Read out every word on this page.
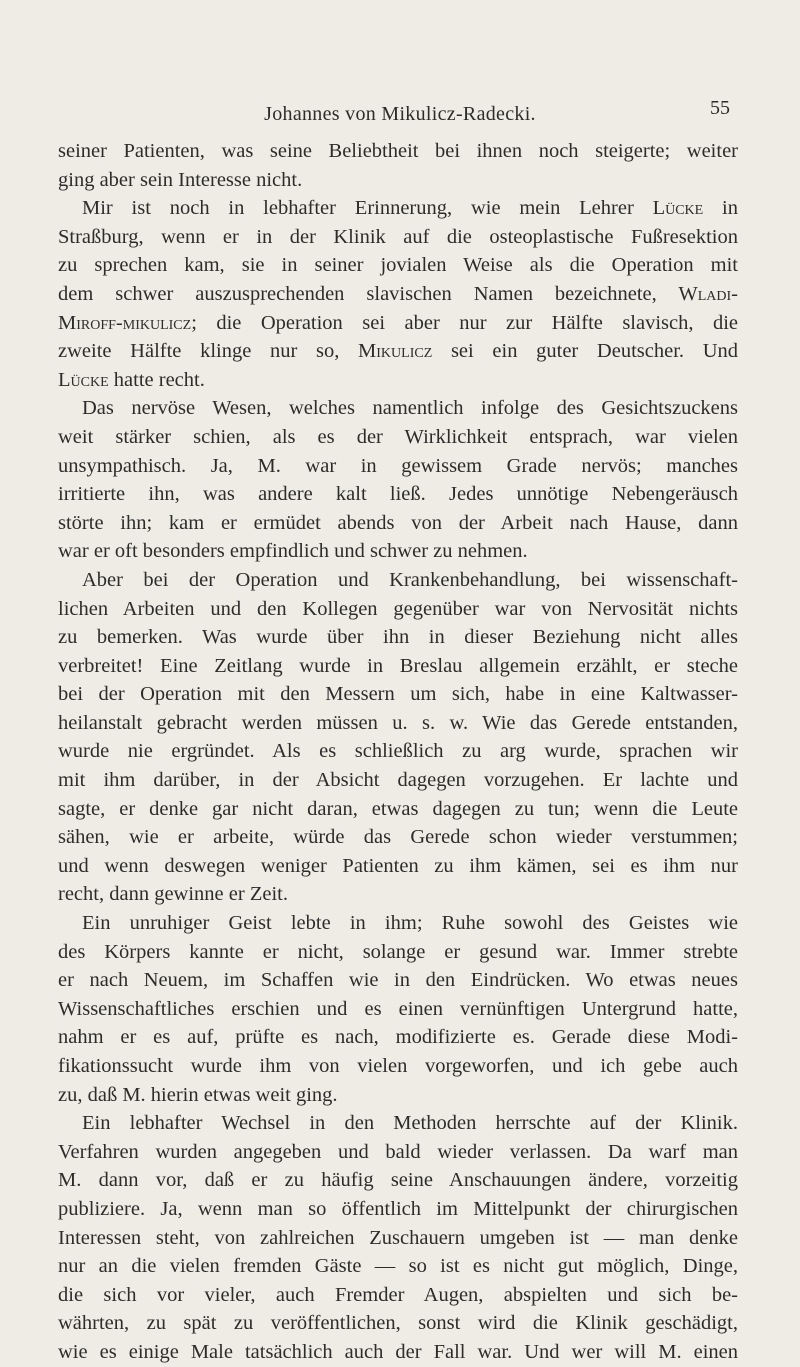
Johannes von Mikulicz-Radecki.	55
seiner Patienten, was seine Beliebtheit bei ihnen noch steigerte; weiter
ging aber sein Interesse nicht.
Mir ist noch in lebhafter Erinnerung, wie mein Lehrer Lücke in
Straßburg, wenn er in der Klinik auf die osteoplastische Fußresektion
zu sprechen kam, sie in seiner jovialen Weise als die Operation mit
dem schwer auszusprechenden slavischen Namen bezeichnete, Wladi-
Miroff-mikulicz; die Operation sei aber nur zur Hälfte slavisch, die
zweite Hälfte klinge nur so, Mikulicz sei ein guter Deutscher. Und
Lücke hatte recht.
Das nervöse Wesen, welches namentlich infolge des Gesichtszuckens
weit stärker schien, als es der Wirklichkeit entsprach, war vielen
unsympathisch. Ja, M. war in gewissem Grade nervös; manches
irritierte ihn, was andere kalt ließ. Jedes unnötige Nebengeräusch
störte ihn; kam er ermüdet abends von der Arbeit nach Hause, dann
war er oft besonders empfindlich und schwer zu nehmen.
Aber bei der Operation und Krankenbehandlung, bei wissenschaft-
lichen Arbeiten und den Kollegen gegenüber war von Nervosität nichts
zu bemerken. Was wurde über ihn in dieser Beziehung nicht alles
verbreitet! Eine Zeitlang wurde in Breslau allgemein erzählt, er steche
bei der Operation mit den Messern um sich, habe in eine Kaltwasser-
heilanstalt gebracht werden müssen u. s. w. Wie das Gerede entstanden,
wurde nie ergründet. Als es schließlich zu arg wurde, sprachen wir
mit ihm darüber, in der Absicht dagegen vorzugehen. Er lachte und
sagte, er denke gar nicht daran, etwas dagegen zu tun; wenn die Leute
sähen, wie er arbeite, würde das Gerede schon wieder verstummen;
und wenn deswegen weniger Patienten zu ihm kämen, sei es ihm nur
recht, dann gewinne er Zeit.
Ein unruhiger Geist lebte in ihm; Ruhe sowohl des Geistes wie
des Körpers kannte er nicht, solange er gesund war. Immer strebte
er nach Neuem, im Schaffen wie in den Eindrücken. Wo etwas neues
Wissenschaftliches erschien und es einen vernünftigen Untergrund hatte,
nahm er es auf, prüfte es nach, modifizierte es. Gerade diese Modi-
fikationssucht wurde ihm von vielen vorgeworfen, und ich gebe auch
zu, daß M. hierin etwas weit ging.
Ein lebhafter Wechsel in den Methoden herrschte auf der Klinik.
Verfahren wurden angegeben und bald wieder verlassen. Da warf man
M. dann vor, daß er zu häufig seine Anschauungen ändere, vorzeitig
publiziere. Ja, wenn man so öffentlich im Mittelpunkt der chirurgischen
Interessen steht, von zahlreichen Zuschauern umgeben ist — man denke
nur an die vielen fremden Gäste — so ist es nicht gut möglich, Dinge,
die sich vor vieler, auch Fremder Augen, abspielten und sich be-
währten, zu spät zu veröffentlichen, sonst wird die Klinik geschädigt,
wie es einige Male tatsächlich auch der Fall war. Und wer will M. einen
